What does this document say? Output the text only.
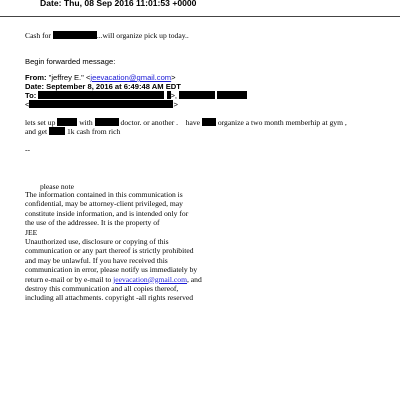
Date: Thu, 08 Sep 2016 11:01:53 +0000
Cash for	...will organize pick up today..
Begin forwarded message:
From: "jeffrey E." <jeevacation@gmail.com>
Date: September 8, 2016 at 6:49:48 AM EDT
To:	>,
<	>
lets set up	with	doctor. or another . have organize a two month memberhip at gym ,
and get	1k cash from rich
--
please note
The information contained in this communication is
confidential, may be attorney-client privileged, may
constitute inside information, and is intended only for
the use of the addressee. It is the property of
JEE
Unauthorized use, disclosure or copying of this
communication or any part thereof is strictly prohibited
and may be unlawful. If you have received this
communication in error, please notify us immediately by
return e-mail or by e-mail to jeevacation@gmail.com, and
destroy this communication and all copies thereof,
including all attachments. copyright -all rights reserved
